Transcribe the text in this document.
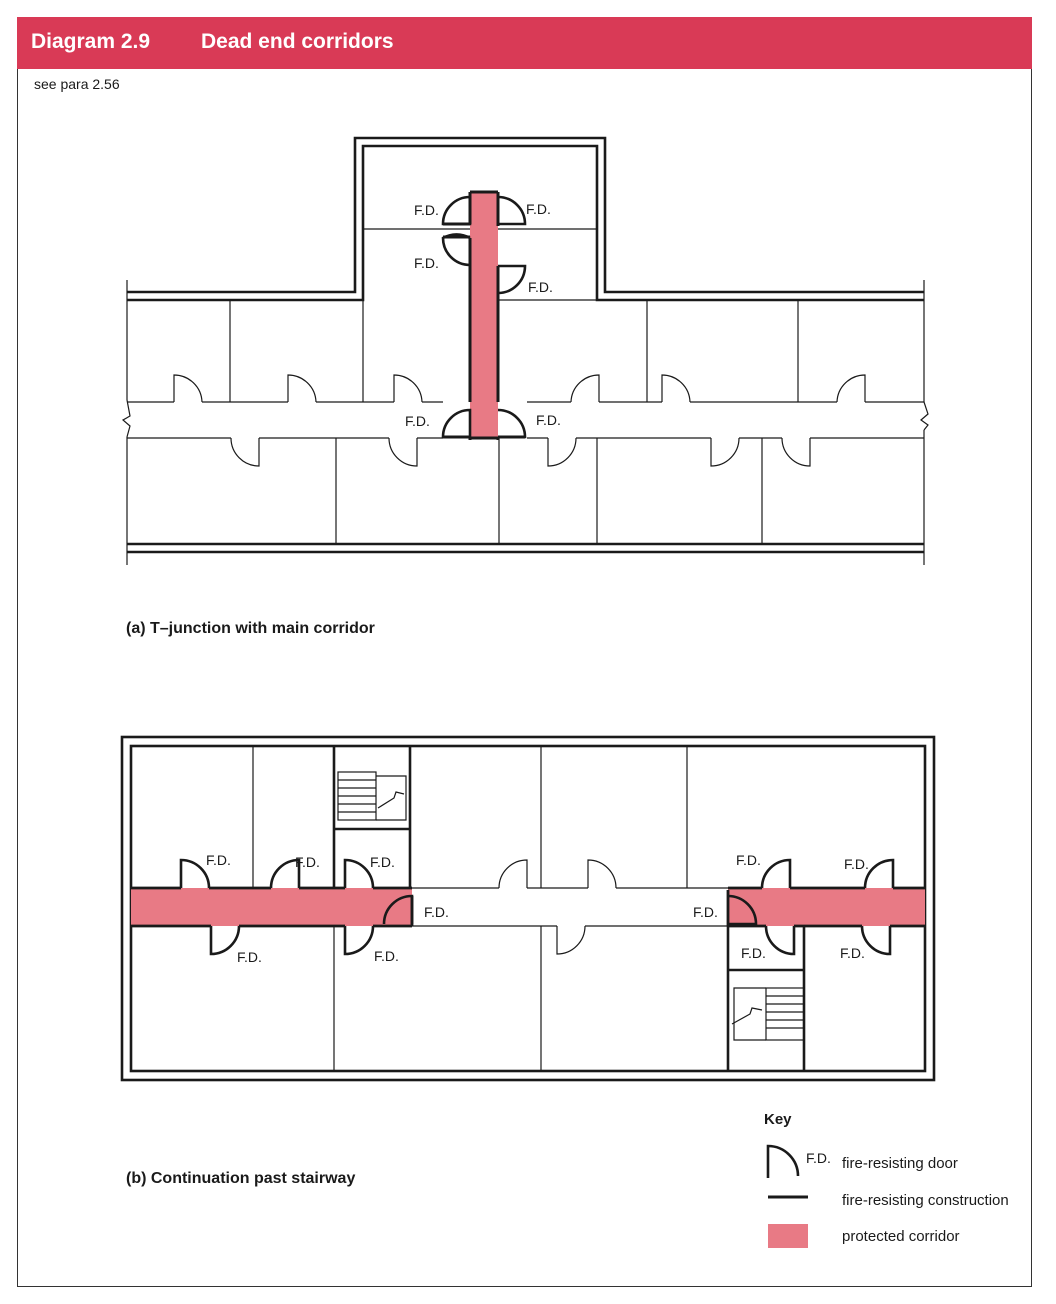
Diagram 2.9 Dead end corridors
see para 2.56
F.D.	F.D.
F.D.
F.D.
F.D.	F.D.
F.D.	F.D.	F.D.
F.D.
F.D.	F.D.
F.D.	F.D.
F.D.
F.D.	F.D.
(a) T–junction with main corridor
(b) Continuation past stairway
Key
F.D. fire-resisting door
fire-resisting construction
protected corridor
